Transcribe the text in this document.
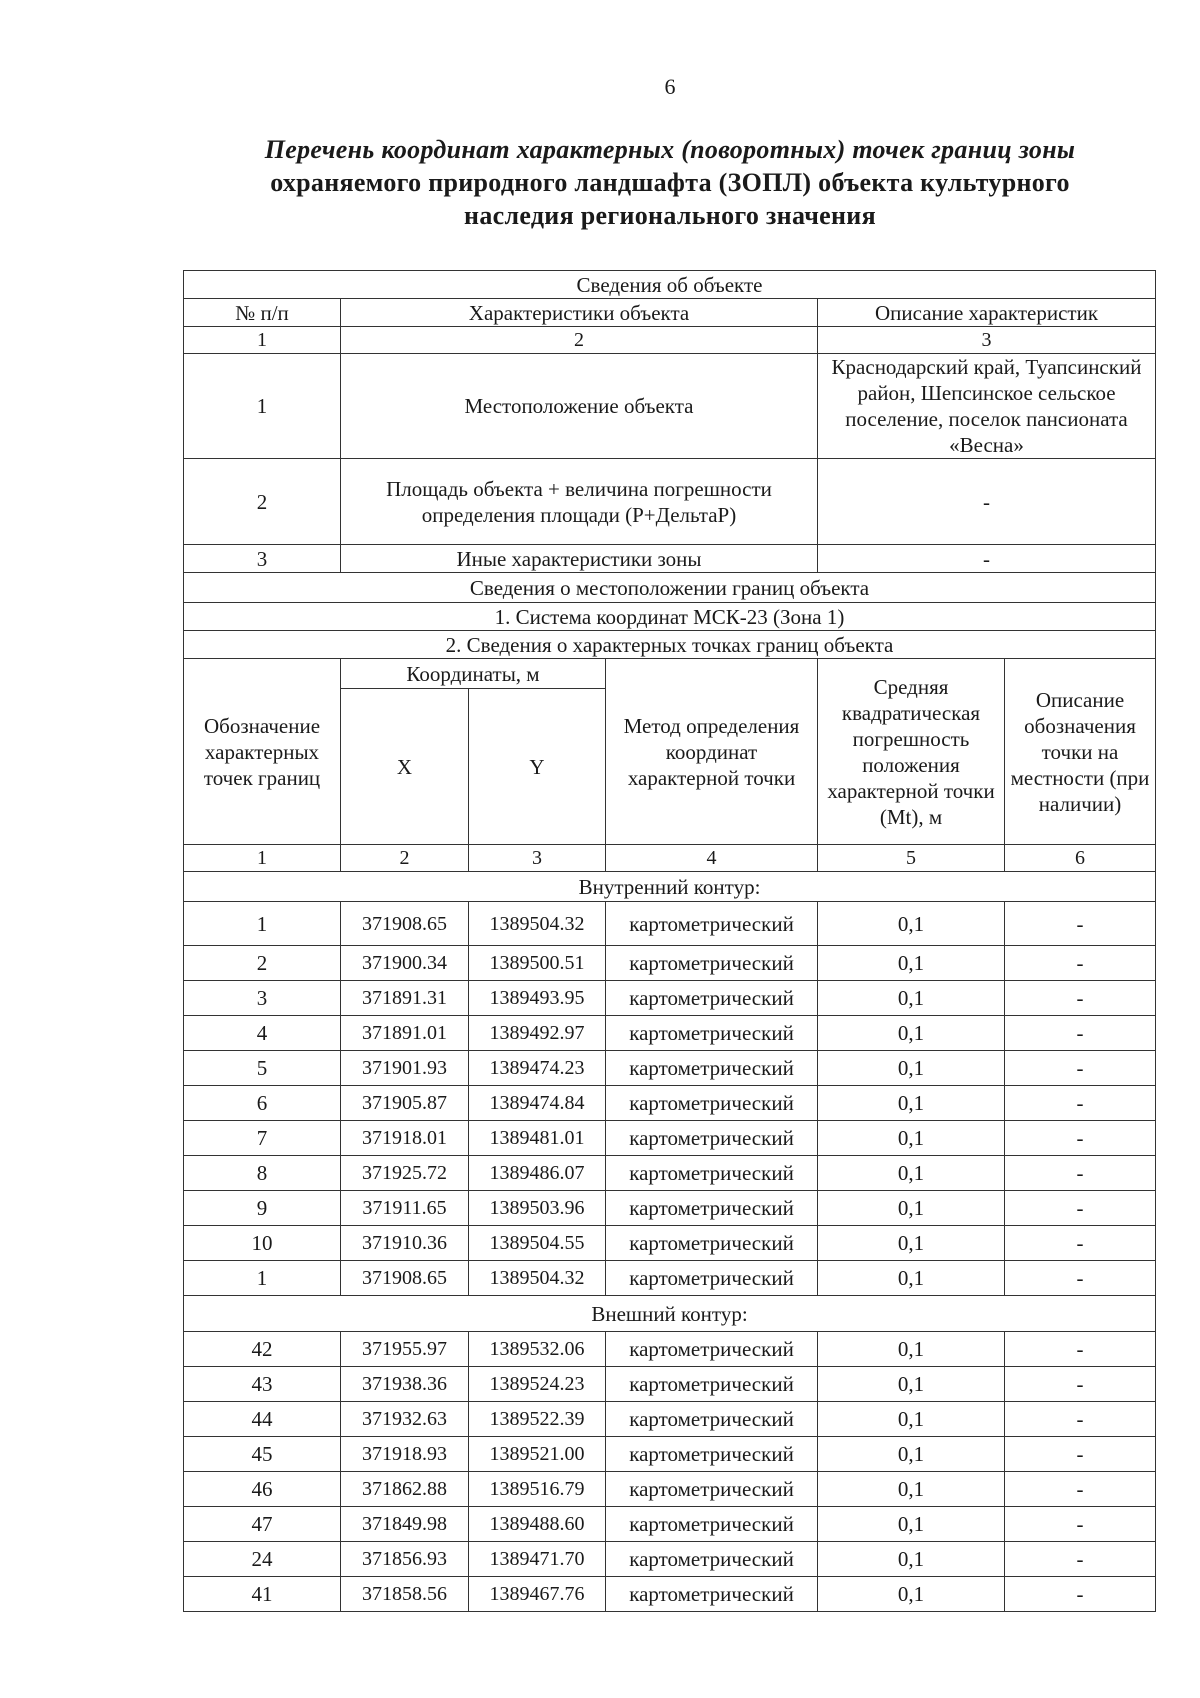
6
Перечень координат характерных (поворотных) точек границ зоны
охраняемого природного ландшафта (ЗОПЛ) объекта культурного
наследия регионального значения
Сведения об объекте					
№ п/п	Характеристики объекта			Описание характеристик	
1	2			3	
1	Местоположение объекта			Краснодарский край, Туапсинский район, Шепсинское сельское поселение, поселок пансионата «Весна»	
2	Площадь объекта + величина погрешности определения площади (P+ДельтаP)			-	
3	Иные характеристики зоны			-	
Сведения о местоположении границ объекта					
1. Система координат МСК-23 (Зона 1)					
2. Сведения о характерных точках границ объекта					
Обозначение характерных точек границ	Координаты, м		Метод определения координат характерной точки	Средняя квадратическая погрешность положения характерной точки (Mt), м	Описание обозначения точки на местности (при наличии)
	X	Y			
1	2	3	4	5	6
Внутренний контур:					
1	371908.65	1389504.32	картометрический	0,1	-
2	371900.34	1389500.51	картометрический	0,1	-
3	371891.31	1389493.95	картометрический	0,1	-
4	371891.01	1389492.97	картометрический	0,1	-
5	371901.93	1389474.23	картометрический	0,1	-
6	371905.87	1389474.84	картометрический	0,1	-
7	371918.01	1389481.01	картометрический	0,1	-
8	371925.72	1389486.07	картометрический	0,1	-
9	371911.65	1389503.96	картометрический	0,1	-
10	371910.36	1389504.55	картометрический	0,1	-
1	371908.65	1389504.32	картометрический	0,1	-
Внешний контур:					
42	371955.97	1389532.06	картометрический	0,1	-
43	371938.36	1389524.23	картометрический	0,1	-
44	371932.63	1389522.39	картометрический	0,1	-
45	371918.93	1389521.00	картометрический	0,1	-
46	371862.88	1389516.79	картометрический	0,1	-
47	371849.98	1389488.60	картометрический	0,1	-
24	371856.93	1389471.70	картометрический	0,1	-
41	371858.56	1389467.76	картометрический	0,1	-
